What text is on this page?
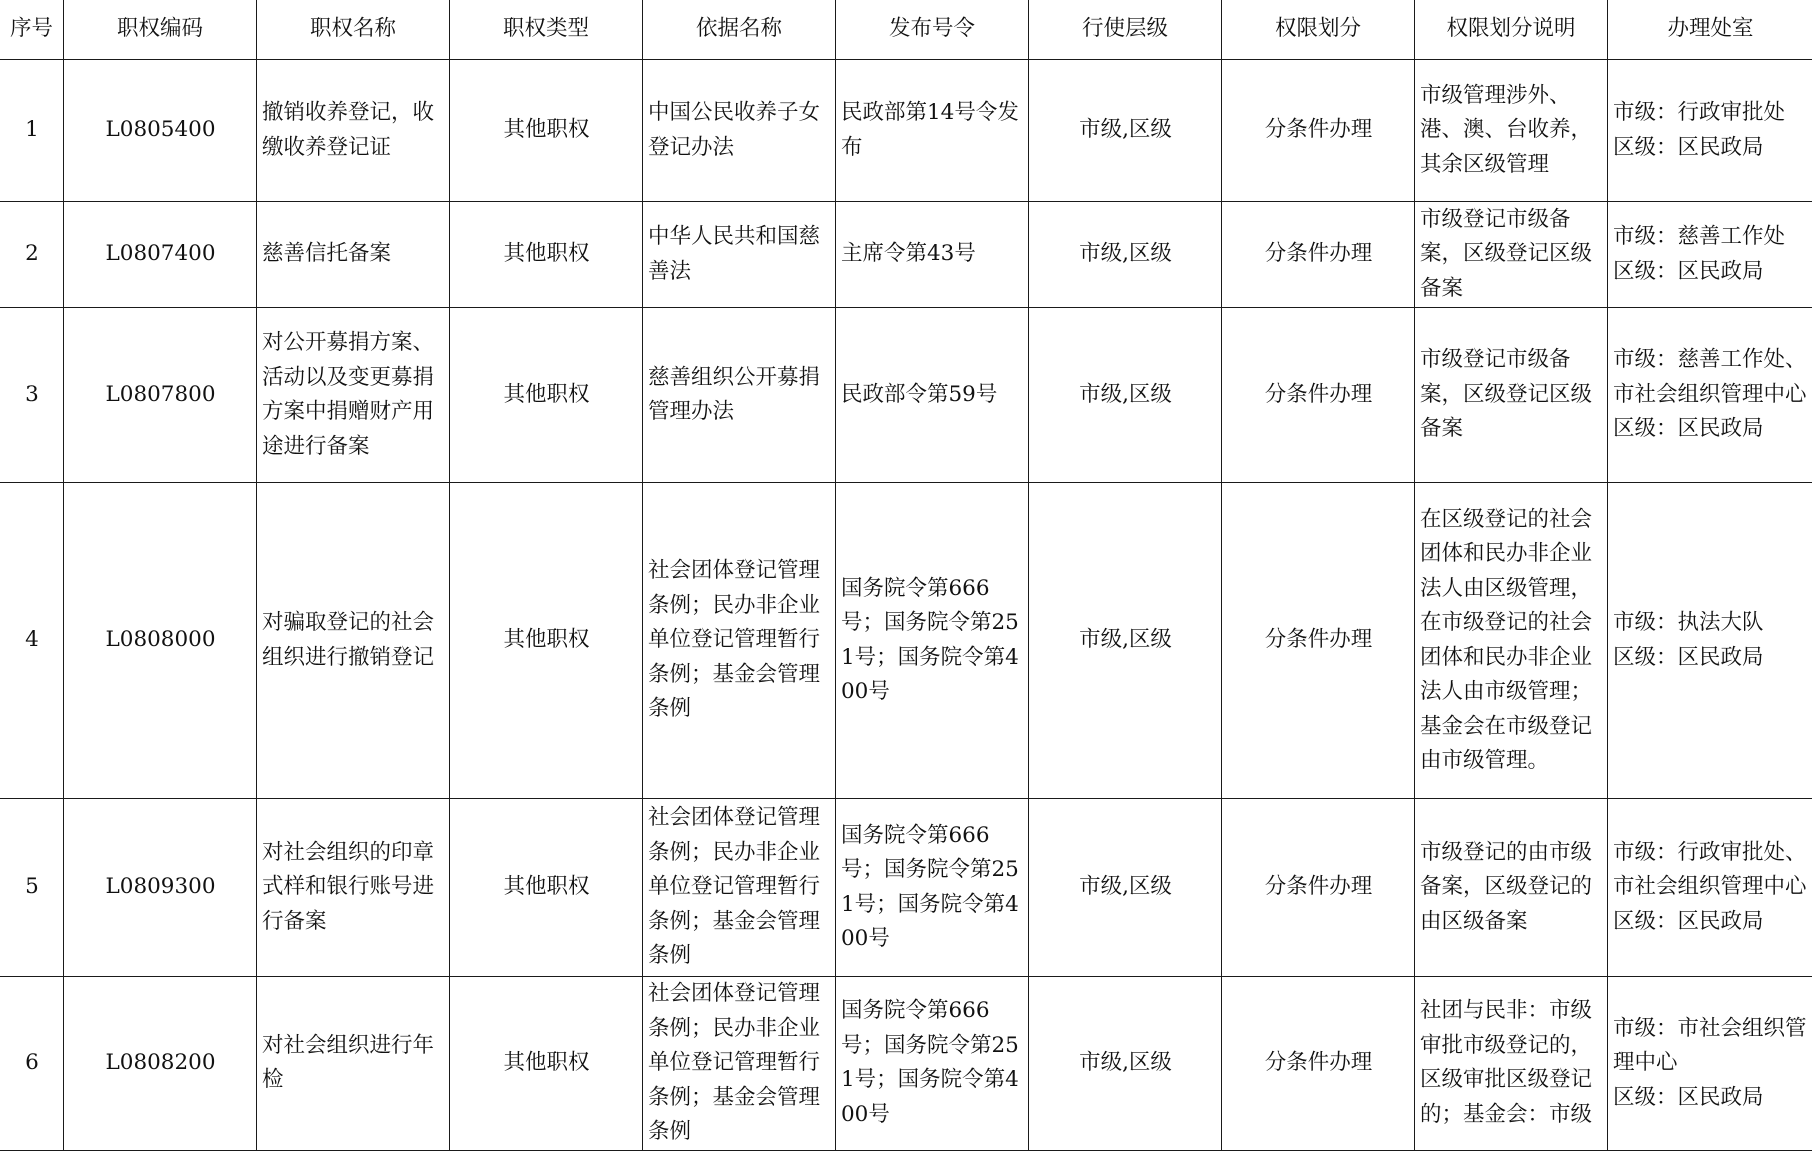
序号	职权编码	职权名称	职权类型	依据名称	发布号令	行使层级	权限划分	权限划分说明	办理处室
1	L0805400	撤销收养登记，收缴收养登记证	其他职权	中国公民收养子女登记办法	民政部第14号令发布	市级,区级	分条件办理	市级管理涉外、港、澳、台收养，其余区级管理	市级：行政审批处
区级：区民政局
2	L0807400	慈善信托备案	其他职权	中华人民共和国慈善法	主席令第43号	市级,区级	分条件办理	市级登记市级备案，区级登记区级备案	市级：慈善工作处
区级：区民政局
3	L0807800	对公开募捐方案、活动以及变更募捐方案中捐赠财产用途进行备案	其他职权	慈善组织公开募捐管理办法	民政部令第59号	市级,区级	分条件办理	市级登记市级备案，区级登记区级备案	市级：慈善工作处、市社会组织管理中心
区级：区民政局
4	L0808000	对骗取登记的社会组织进行撤销登记	其他职权	社会团体登记管理条例；民办非企业单位登记管理暂行条例；基金会管理条例	国务院令第666号；国务院令第251号；国务院令第400号	市级,区级	分条件办理	在区级登记的社会团体和民办非企业法人由区级管理，在市级登记的社会团体和民办非企业法人由市级管理；基金会在市级登记由市级管理。	市级：执法大队
区级：区民政局
5	L0809300	对社会组织的印章式样和银行账号进行备案	其他职权	社会团体登记管理条例；民办非企业单位登记管理暂行条例；基金会管理条例	国务院令第666号；国务院令第251号；国务院令第400号	市级,区级	分条件办理	市级登记的由市级备案，区级登记的由区级备案	市级：行政审批处、市社会组织管理中心
区级：区民政局
6	L0808200	对社会组织进行年检	其他职权	社会团体登记管理条例；民办非企业单位登记管理暂行条例；基金会管理条例	国务院令第666号；国务院令第251号；国务院令第400号	市级,区级	分条件办理	社团与民非：市级审批市级登记的，区级审批区级登记的；基金会：市级	市级：市社会组织管理中心
区级：区民政局
